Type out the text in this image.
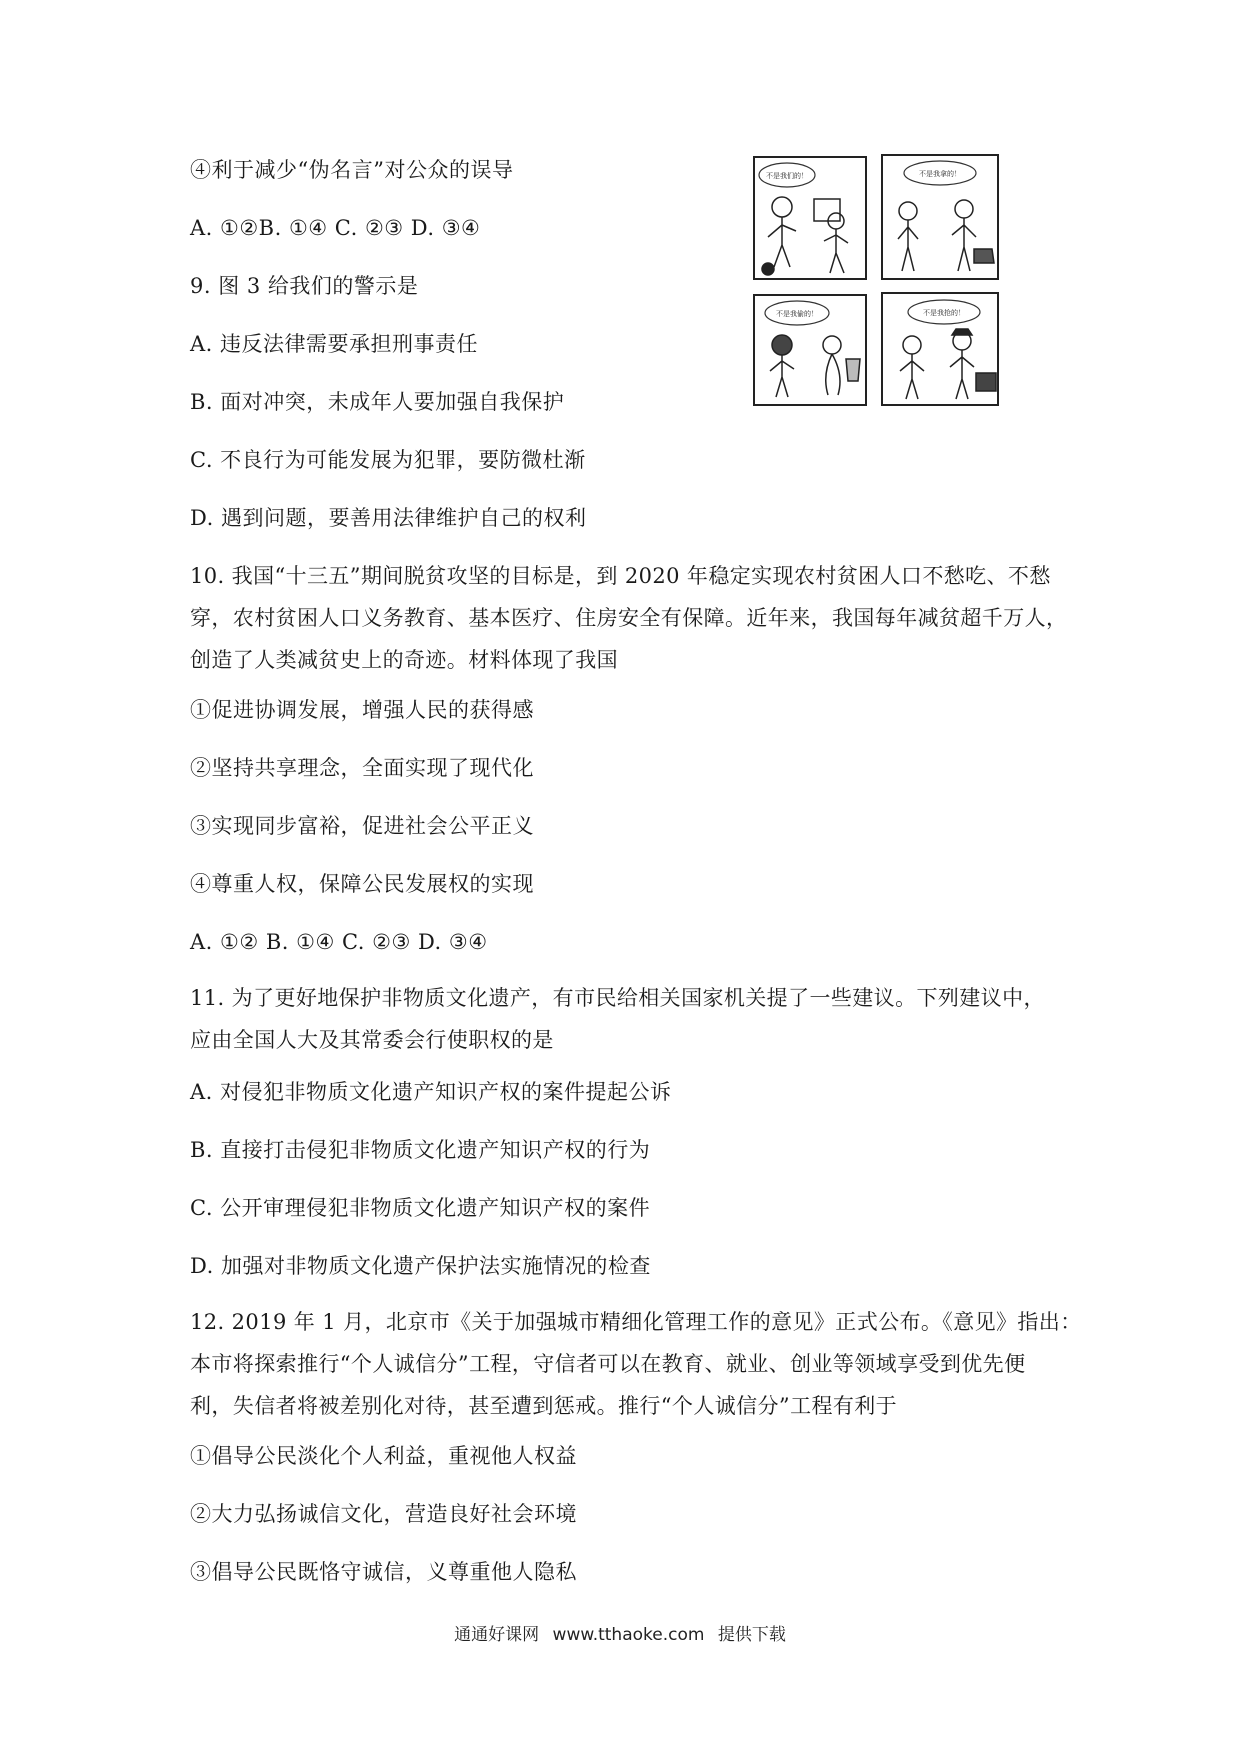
④利于减少“伪名言”对公众的误导
A. ①②B. ①④ C. ②③ D. ③④
9. 图 3 给我们的警示是
A. 违反法律需要承担刑事责任
B. 面对冲突，未成年人要加强自我保护
C. 不良行为可能发展为犯罪，要防微杜渐
D. 遇到问题，要善用法律维护自己的权利
不是我们的！	不是我拿的！
不是我偷的！	不是我抢的！
10. 我国“十三五”期间脱贫攻坚的目标是，到 2020 年稳定实现农村贫困人口不愁吃、不愁
穿，农村贫困人口义务教育、基本医疗、住房安全有保障。近年来，我国每年减贫超千万人，
创造了人类减贫史上的奇迹。材料体现了我国
①促进协调发展，增强人民的获得感
②坚持共享理念，全面实现了现代化
③实现同步富裕，促进社会公平正义
④尊重人权，保障公民发展权的实现
A. ①② B. ①④ C. ②③ D. ③④
11. 为了更好地保护非物质文化遗产，有市民给相关国家机关提了一些建议。下列建议中，
应由全国人大及其常委会行使职权的是
A. 对侵犯非物质文化遗产知识产权的案件提起公诉
B. 直接打击侵犯非物质文化遗产知识产权的行为
C. 公开审理侵犯非物质文化遗产知识产权的案件
D. 加强对非物质文化遗产保护法实施情况的检查
12. 2019 年 1 月，北京市《关于加强城市精细化管理工作的意见》正式公布。《意见》指出：
本市将探索推行“个人诚信分”工程，守信者可以在教育、就业、创业等领域享受到优先便
利，失信者将被差别化对待，甚至遭到惩戒。推行“个人诚信分”工程有利于
①倡导公民淡化个人利益，重视他人权益
②大力弘扬诚信文化，营造良好社会环境
③倡导公民既恪守诚信，义尊重他人隐私
通通好课网 www.tthaoke.com 提供下载
